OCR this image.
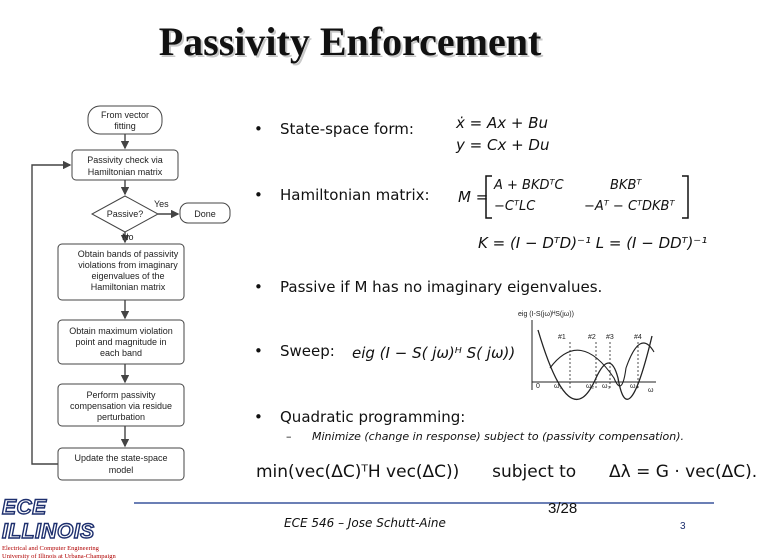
Passivity Enforcement
From vector
fitting
Passivity check via
Hamiltonian matrix
Passive?	Done
Obtain bands of passivity
violations from imaginary
eigenvalues of the
Hamiltonian matrix
Obtain maximum violation
point and magnitude in
each band
Perform passivity
compensation via residue
perturbation
Update the state-space
model
Yes
No
• State-space form:
• Hamiltonian matrix:
• Passive if M has no imaginary eigenvalues.
• Sweep:
• Quadratic programming:
– Minimize (change in response) subject to (passivity compensation).
ẋ = Ax + Bu
y = Cx + Du
M =
A + BKDᵀC	BKBᵀ
−CᵀLC	−Aᵀ − CᵀDKBᵀ
K = (I − DᵀD)⁻¹ L = (I − DDᵀ)⁻¹
eig (I − S( jω)ᴴ S( jω))
eig (I-S(jω)ᴴS(jω))
#1	#2 #3	#4
0 ω₁	ω₂ ω₃	ω₄
ω
min(vec(ΔC)ᵀH vec(ΔC)) subject to Δλ = G · vec(ΔC).
ECE ILLINOIS
Electrical and Computer Engineering
University of Illinois at Urbana-Champaign
ECE 546 – Jose Schutt-Aine
3/28
3
